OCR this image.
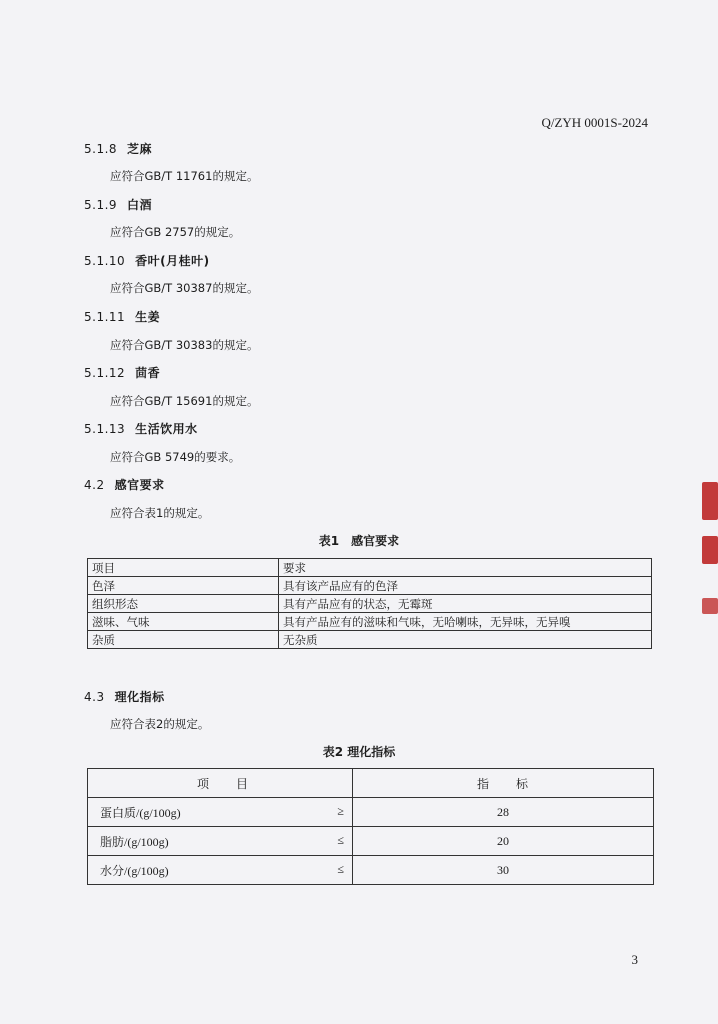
Q/ZYH 0001S-2024
5.1.8 芝麻
应符合GB/T 11761的规定。
5.1.9 白酒
应符合GB 2757的规定。
5.1.10 香叶(月桂叶)
应符合GB/T 30387的规定。
5.1.11 生姜
应符合GB/T 30383的规定。
5.1.12 茴香
应符合GB/T 15691的规定。
5.1.13 生活饮用水
应符合GB 5749的要求。
4.2 感官要求
应符合表1的规定。
表1　 感官要求
项目	要求
色泽	具有该产品应有的色泽
组织形态	具有产品应有的状态，无霉斑
滋味、气味	具有产品应有的滋味和气味，无哈喇味，无异味，无异嗅
杂质	无杂质
4.3 理化指标
应符合表2的规定。
表2 理化指标
项　　目	指　　标
蛋白质/(g/100g) ≥	28
脂肪/(g/100g) ≤	20
水分/(g/100g) ≤	30
3
